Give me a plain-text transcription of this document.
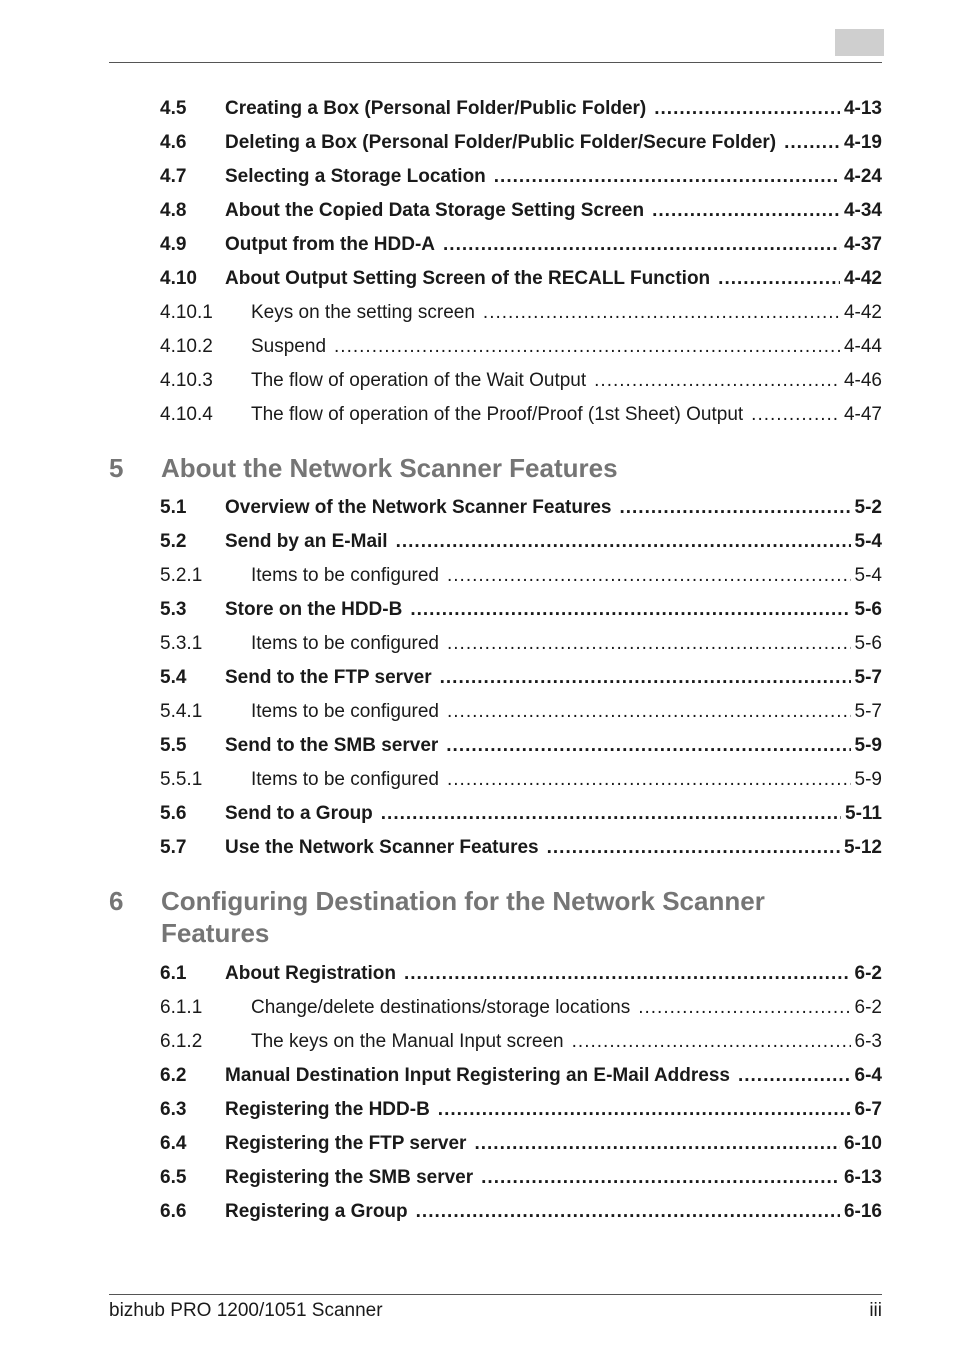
5 About the Network Scanner Features
6 Configuring Destination for the Network Scanner Features
4.5	Creating a Box (Personal Folder/Public Folder) .....	4-13
4.6	Deleting a Box (Personal Folder/Public Folder/Secure Folder) .....	4-19
4.7	Selecting a Storage Location .....	4-24
4.8	About the Copied Data Storage Setting Screen .....	4-34
4.9	Output from the HDD-A .....	4-37
4.10	About Output Setting Screen of the RECALL Function .....	4-42
4.10.1	Keys on the setting screen .....	4-42
4.10.2	Suspend .....	4-44
4.10.3	The flow of operation of the Wait Output .....	4-46
4.10.4	The flow of operation of the Proof/Proof (1st Sheet) Output .....	4-47
5.1	Overview of the Network Scanner Features .....	5-2
5.2	Send by an E-Mail .....	5-4
5.2.1	Items to be configured .....	5-4
5.3	Store on the HDD-B .....	5-6
5.3.1	Items to be configured .....	5-6
5.4	Send to the FTP server .....	5-7
5.4.1	Items to be configured .....	5-7
5.5	Send to the SMB server .....	5-9
5.5.1	Items to be configured .....	5-9
5.6	Send to a Group .....	5-11
5.7	Use the Network Scanner Features .....	5-12
6.1	About Registration .....	6-2
6.1.1	Change/delete destinations/storage locations .....	6-2
6.1.2	The keys on the Manual Input screen .....	6-3
6.2	Manual Destination Input Registering an E-Mail Address .....	6-4
6.3	Registering the HDD-B .....	6-7
6.4	Registering the FTP server .....	6-10
6.5	Registering the SMB server .....	6-13
6.6	Registering a Group .....	6-16
bizhub PRO 1200/1051 Scanner	iii
